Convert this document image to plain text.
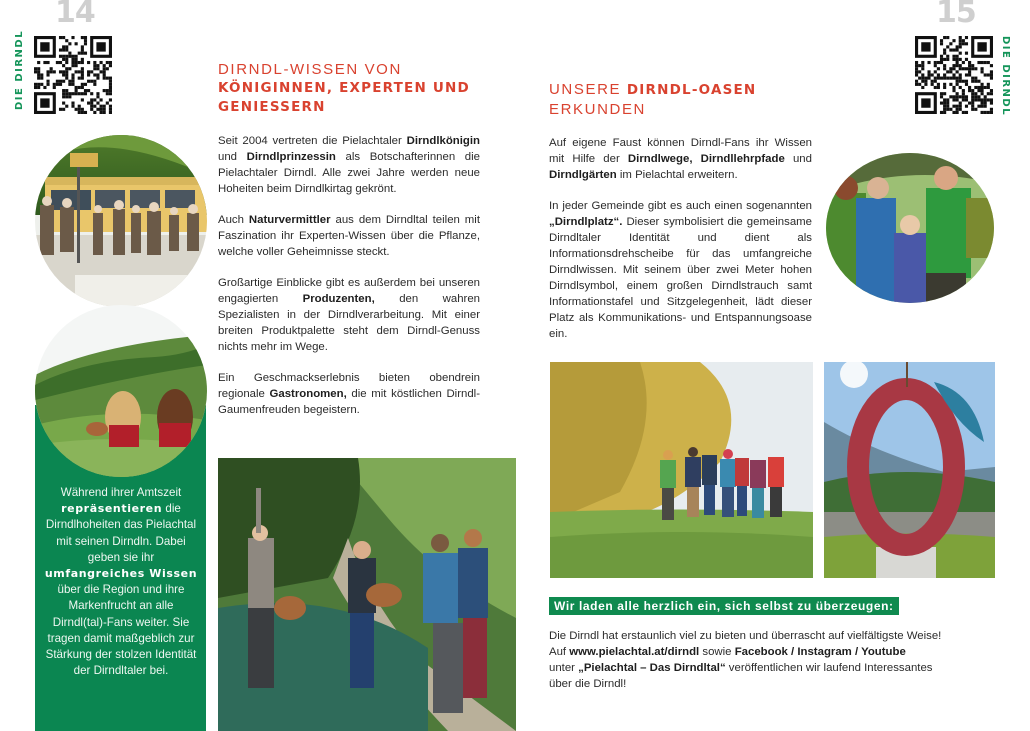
14
DIE DIRNDL
Während ihrer Amtszeit repräsentieren die Dirndlhoheiten das Pielachtal mit seinen Dirndln. Dabei geben sie ihr umfangreiches Wissen über die Region und ihre Markenfrucht an alle Dirndl(tal)-Fans weiter. Sie tragen damit maßgeblich zur Stärkung der stolzen Identität der Dirndltaler bei.
DIRNDL-WISSEN VON
KÖNIGINNEN, EXPERTEN UND
GENIESSERN

Seit 2004 vertreten die Pielachtaler Dirndlkönigin und Dirndlprinzessin als Botschafterinnen die Pielachtaler Dirndl. Alle zwei Jahre werden neue Hoheiten beim Dirndlkirtag gekrönt.

Auch Naturvermittler aus dem Dirndltal teilen mit Faszination ihr Experten-Wissen über die Pflanze, welche voller Geheimnisse steckt.

Großartige Einblicke gibt es außerdem bei unseren engagierten Produzenten, den wahren Spezialisten in der Dirndlverarbeitung. Mit einer breiten Produktpalette steht dem Dirndl-Genuss nichts mehr im Wege.

Ein Geschmackserlebnis bieten obendrein regionale Gastronomen, die mit köstlichen Dirndl-Gaumenfreuden begeistern.

15
DIE DIRNDL
UNSERE DIRNDL-OASEN
ERKUNDEN

Auf eigene Faust können Dirndl-Fans ihr Wissen mit Hilfe der Dirndlwege, Dirndllehrpfade und Dirndlgärten im Pielachtal erweitern.

In jeder Gemeinde gibt es auch einen sogenannten „Dirndlplatz“. Dieser symbolisiert die gemeinsame Dirndltaler Identität und dient als Informationsdrehscheibe für das umfangreiche Dirndlwissen. Mit seinem über zwei Meter hohen Dirndlsymbol, einem großen Dirndlstrauch samt Informationstafel und Sitzgelegenheit, lädt dieser Platz als Kommunikations- und Entspannungsoase ein.

Wir laden alle herzlich ein, sich selbst zu überzeugen:
Die Dirndl hat erstaunlich viel zu bieten und überrascht auf vielfältigste Weise!
Auf www.pielachtal.at/dirndl sowie Facebook / Instagram / Youtube
unter „Pielachtal – Das Dirndltal“ veröffentlichen wir laufend Interessantes
über die Dirndl!
